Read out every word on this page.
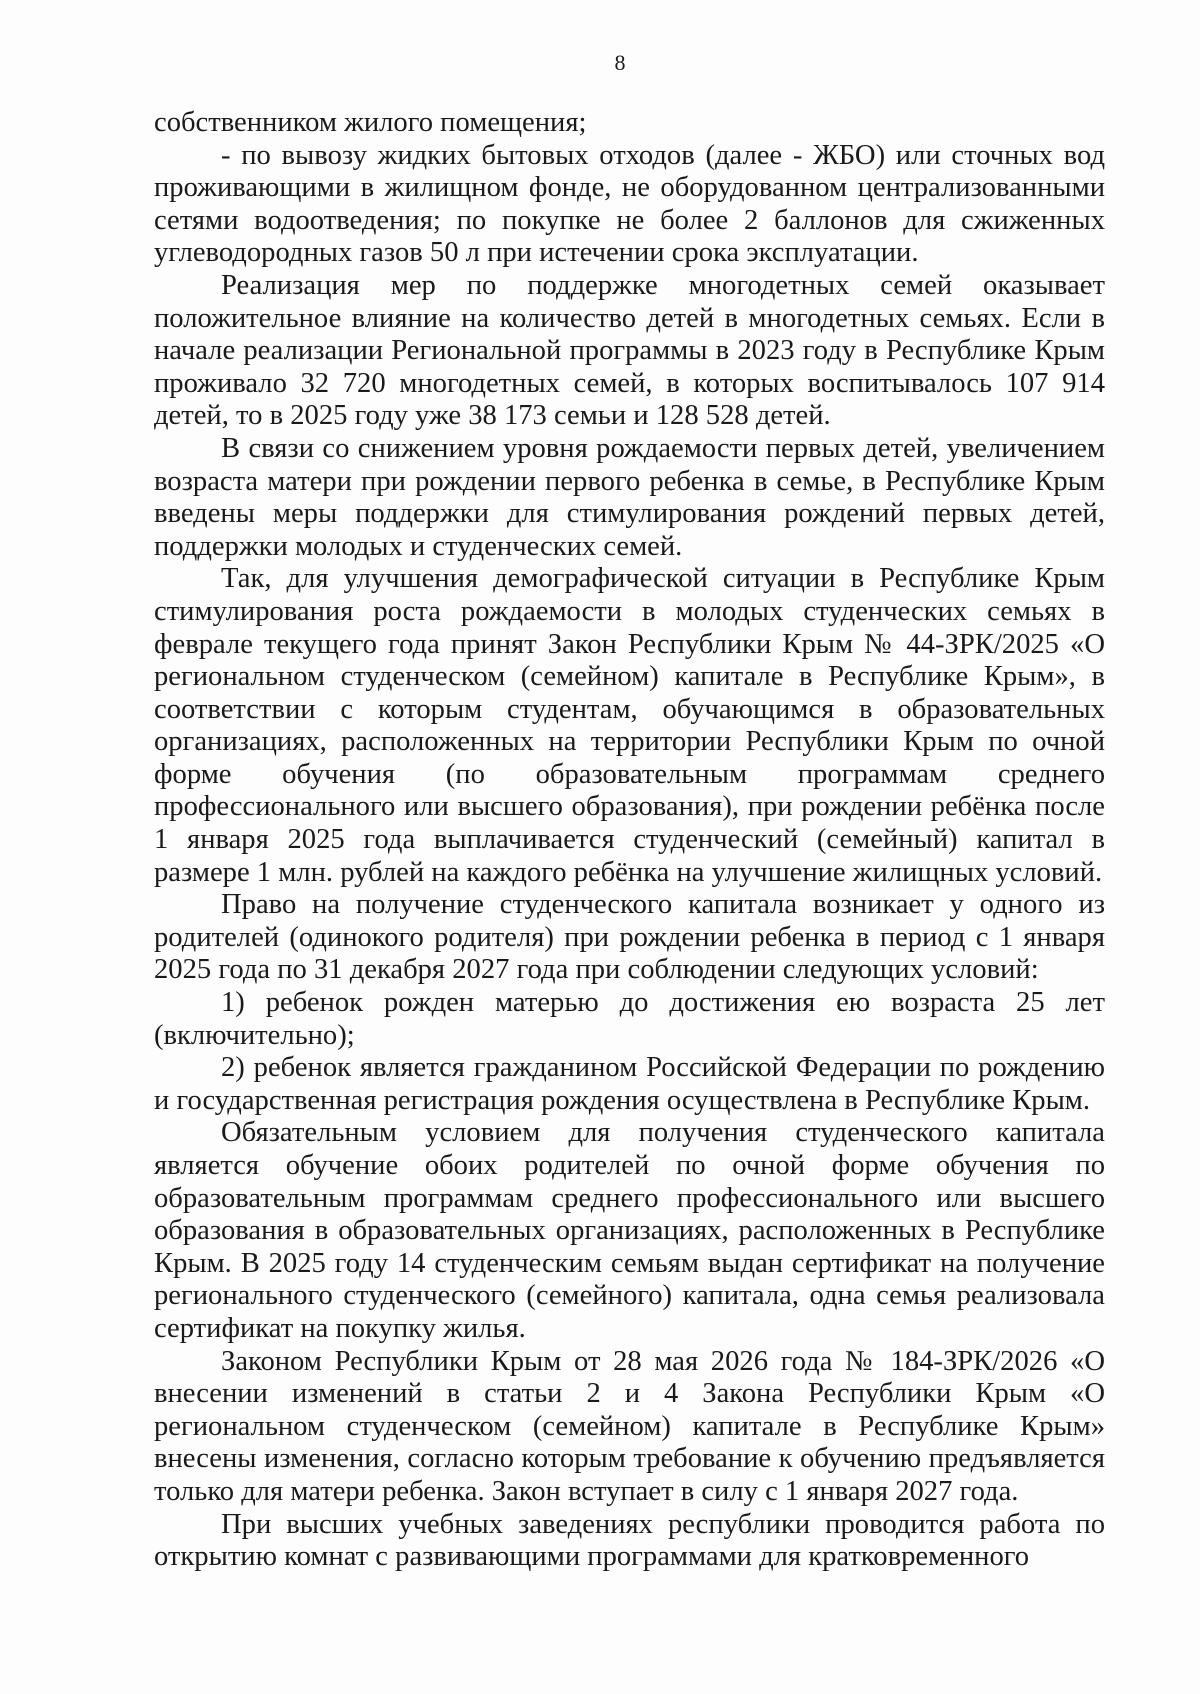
8

собственником жилого помещения;

- по вывозу жидких бытовых отходов (далее - ЖБО) или сточных вод проживающими в жилищном фонде, не оборудованном централизованными сетями водоотведения; по покупке не более 2 баллонов для сжиженных углеводородных газов 50 л при истечении срока эксплуатации.

Реализация мер по поддержке многодетных семей оказывает положительное влияние на количество детей в многодетных семьях. Если в начале реализации Региональной программы в 2023 году в Республике Крым проживало 32 720 многодетных семей, в которых воспитывалось 107 914 детей, то в 2025 году уже 38 173 семьи и 128 528 детей.

В связи со снижением уровня рождаемости первых детей, увеличением возраста матери при рождении первого ребенка в семье, в Республике Крым введены меры поддержки для стимулирования рождений первых детей, поддержки молодых и студенческих семей.

Так, для улучшения демографической ситуации в Республике Крым стимулирования роста рождаемости в молодых студенческих семьях в феврале текущего года принят Закон Республики Крым № 44-ЗРК/2025 «О региональном студенческом (семейном) капитале в Республике Крым», в соответствии с которым студентам, обучающимся в образовательных организациях, расположенных на территории Республики Крым по очной форме обучения (по образовательным программам среднего профессионального или высшего образования), при рождении ребёнка после 1 января 2025 года выплачивается студенческий (семейный) капитал в размере 1 млн. рублей на каждого ребёнка на улучшение жилищных условий.

Право на получение студенческого капитала возникает у одного из родителей (одинокого родителя) при рождении ребенка в период с 1 января 2025 года по 31 декабря 2027 года при соблюдении следующих условий:

1) ребенок рожден матерью до достижения ею возраста 25 лет (включительно);

2) ребенок является гражданином Российской Федерации по рождению и государственная регистрация рождения осуществлена в Республике Крым.

Обязательным условием для получения студенческого капитала является обучение обоих родителей по очной форме обучения по образовательным программам среднего профессионального или высшего образования в образовательных организациях, расположенных в Республике Крым. В 2025 году 14 студенческим семьям выдан сертификат на получение регионального студенческого (семейного) капитала, одна семья реализовала сертификат на покупку жилья.

Законом Республики Крым от 28 мая 2026 года № 184-ЗРК/2026 «О внесении изменений в статьи 2 и 4 Закона Республики Крым «О региональном студенческом (семейном) капитале в Республике Крым» внесены изменения, согласно которым требование к обучению предъявляется только для матери ребенка. Закон вступает в силу с 1 января 2027 года.

При высших учебных заведениях республики проводится работа по открытию комнат с развивающими программами для кратковременного
